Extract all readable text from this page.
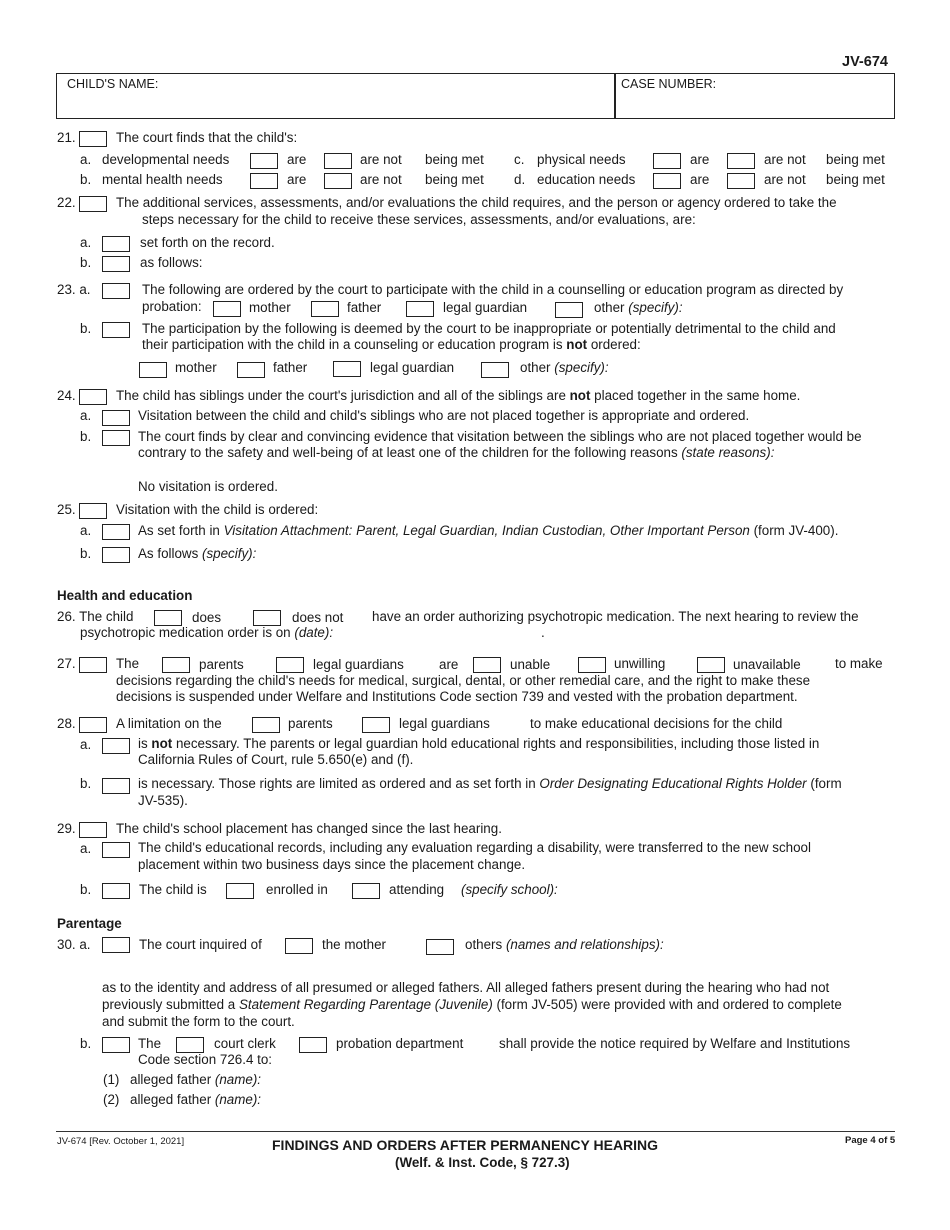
JV-674
CHILD'S NAME:	CASE NUMBER:
21.	The court finds that the child's:
a. developmental needs	are	are not being met c. physical needs	are	are not being met
b. mental health needs	are	are not being met d. education needs	are	are not being met
22.	The additional services, assessments, and/or evaluations the child requires, and the person or agency ordered to take the
steps necessary for the child to receive these services, assessments, and/or evaluations, are:
a.	set forth on the record.
b.	as follows:
23. a.	The following are ordered by the court to participate with the child in a counselling or education program as directed by
probation:	mother	father	legal guardian	other (specify):
b.	The participation by the following is deemed by the court to be inappropriate or potentially detrimental to the child and
their participation with the child in a counseling or education program is not ordered:
mother	father	legal guardian	other (specify):
24.	The child has siblings under the court's jurisdiction and all of the siblings are not placed together in the same home.
a.	Visitation between the child and child's siblings who are not placed together is appropriate and ordered.
b.	The court finds by clear and convincing evidence that visitation between the siblings who are not placed together would be
contrary to the safety and well-being of at least one of the children for the following reasons (state reasons):
No visitation is ordered.
25.	Visitation with the child is ordered:
a.	As set forth in Visitation Attachment: Parent, Legal Guardian, Indian Custodian, Other Important Person (form JV-400).
b.	As follows (specify):
Health and education
26. The child	does	does not have an order authorizing psychotropic medication. The next hearing to review the
psychotropic medication order is on (date):	.
27.	The	parents	legal guardians	are	unable	unwilling	unavailable	to make
decisions regarding the child's needs for medical, surgical, dental, or other remedial care, and the right to make these
decisions is suspended under Welfare and Institutions Code section 739 and vested with the probation department.
28.	A limitation on the	parents	legal guardians	to make educational decisions for the child
a.	is not necessary. The parents or legal guardian hold educational rights and responsibilities, including those listed in
California Rules of Court, rule 5.650(e) and (f).
b.	is necessary. Those rights are limited as ordered and as set forth in Order Designating Educational Rights Holder (form
JV-535).
29.	The child's school placement has changed since the last hearing.
a.	The child's educational records, including any evaluation regarding a disability, were transferred to the new school
placement within two business days since the placement change.
b.	The child is	enrolled in	attending (specify school):
Parentage
30. a.	The court inquired of	the mother	others (names and relationships):
as to the identity and address of all presumed or alleged fathers. All alleged fathers present during the hearing who had not
previously submitted a Statement Regarding Parentage (Juvenile) (form JV-505) were provided with and ordered to complete
and submit the form to the court.
b.	The	court clerk	probation department	shall provide the notice required by Welfare and Institutions
Code section 726.4 to:
(1) alleged father (name):
(2) alleged father (name):
JV-674 [Rev. October 1, 2021]	FINDINGS AND ORDERS AFTER PERMANENCY HEARING
(Welf. & Inst. Code, § 727.3)
Page 4 of 5
